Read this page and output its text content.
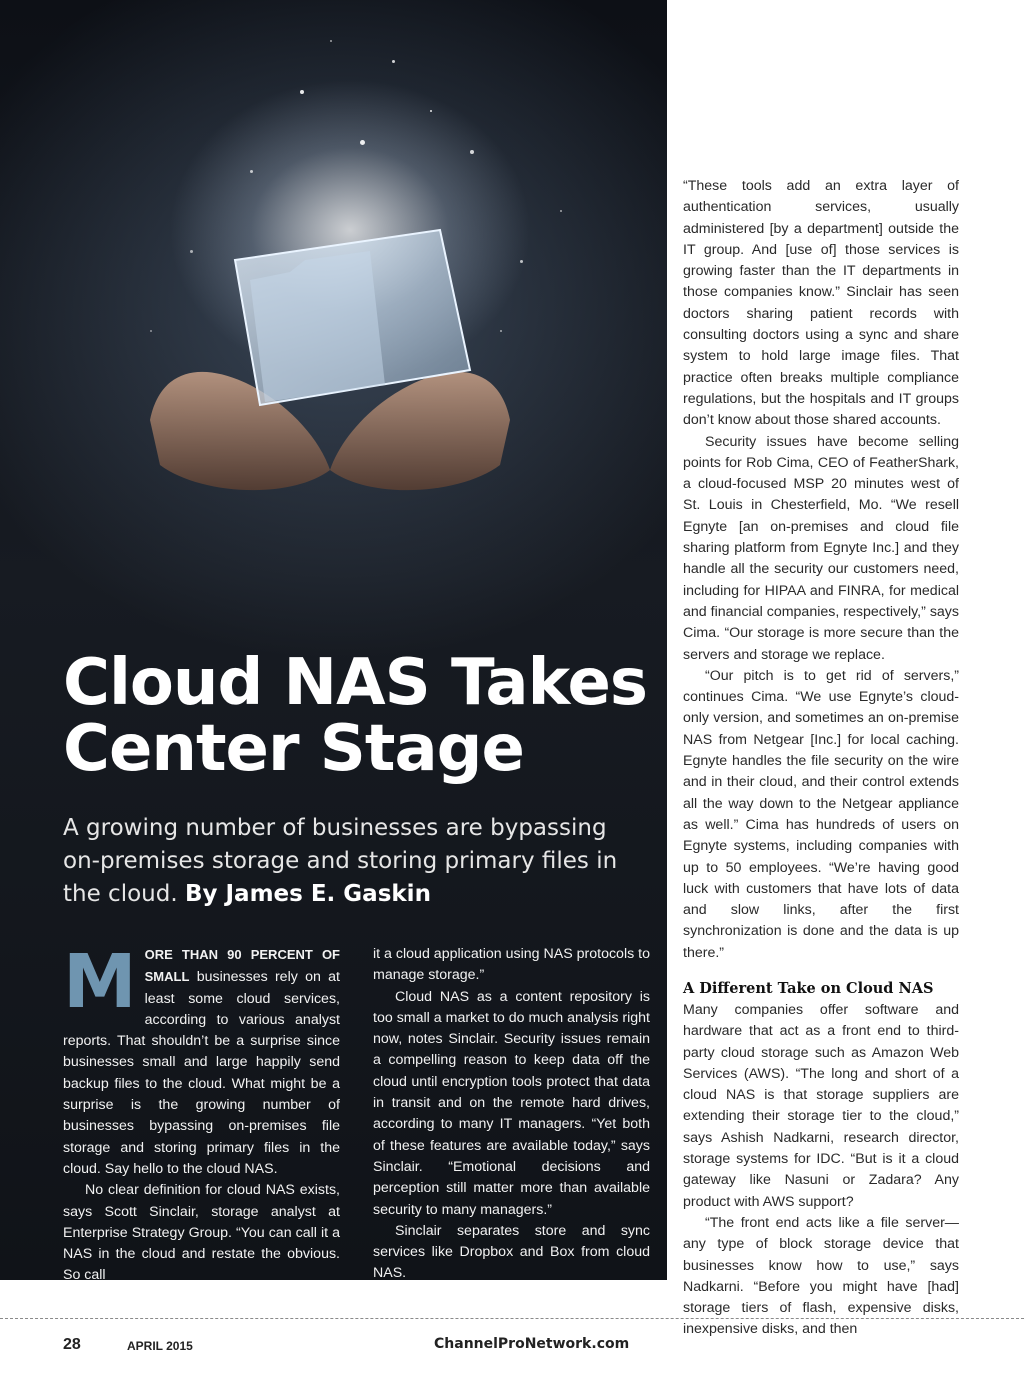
Cloud NAS Takes
Center Stage

A growing number of businesses are bypassing on-premises storage and storing primary files in the cloud. By James E. Gaskin

M ORE THAN 90 PERCENT OF SMALL businesses rely on at least some cloud services, according to various analyst reports. That shouldn’t be a surprise since businesses small and large happily send backup files to the cloud. What might be a surprise is the growing number of businesses bypassing on-premises file storage and storing primary files in the cloud. Say hello to the cloud NAS.

No clear definition for cloud NAS exists, says Scott Sinclair, storage analyst at Enterprise Strategy Group. “You can call it a NAS in the cloud and restate the obvious. So call

it a cloud application using NAS protocols to manage storage.”

Cloud NAS as a content repository is too small a market to do much analysis right now, notes Sinclair. Security issues remain a compelling reason to keep data off the cloud until encryption tools protect that data in transit and on the remote hard drives, according to many IT managers. “Yet both of these features are available today,” says Sinclair. “Emotional decisions and perception still matter more than available security to many managers.”

Sinclair separates store and sync services like Dropbox and Box from cloud NAS.

“These tools add an extra layer of authentication services, usually administered [by a department] outside the IT group. And [use of] those services is growing faster than the IT departments in those companies know.” Sinclair has seen doctors sharing patient records with consulting doctors using a sync and share system to hold large image files. That practice often breaks multiple compliance regulations, but the hospitals and IT groups don’t know about those shared accounts.

Security issues have become selling points for Rob Cima, CEO of FeatherShark, a cloud-focused MSP 20 minutes west of St. Louis in Chesterfield, Mo. “We resell Egnyte [an on-premises and cloud file sharing platform from Egnyte Inc.] and they handle all the security our customers need, including for HIPAA and FINRA, for medical and financial companies, respectively,” says Cima. “Our storage is more secure than the servers and storage we replace.

“Our pitch is to get rid of servers,” continues Cima. “We use Egnyte’s cloud-only version, and sometimes an on-premise NAS from Netgear [Inc.] for local caching. Egnyte handles the file security on the wire and in their cloud, and their control extends all the way down to the Netgear appliance as well.” Cima has hundreds of users on Egnyte systems, including companies with up to 50 employees. “We’re having good luck with customers that have lots of data and slow links, after the first synchronization is done and the data is up there.”

A Different Take on Cloud NAS

Many companies offer software and hardware that act as a front end to third-party cloud storage such as Amazon Web Services (AWS). “The long and short of a cloud NAS is that storage suppliers are extending their storage tier to the cloud,” says Ashish Nadkarni, research director, storage systems for IDC. “But is it a cloud gateway like Nasuni or Zadara? Any product with AWS support?

“The front end acts like a file server—any type of block storage device that businesses know how to use,” says Nadkarni. “Before you might have [had] storage tiers of flash, expensive disks, inexpensive disks, and then

28	APRIL 2015	ChannelProNetwork.com
